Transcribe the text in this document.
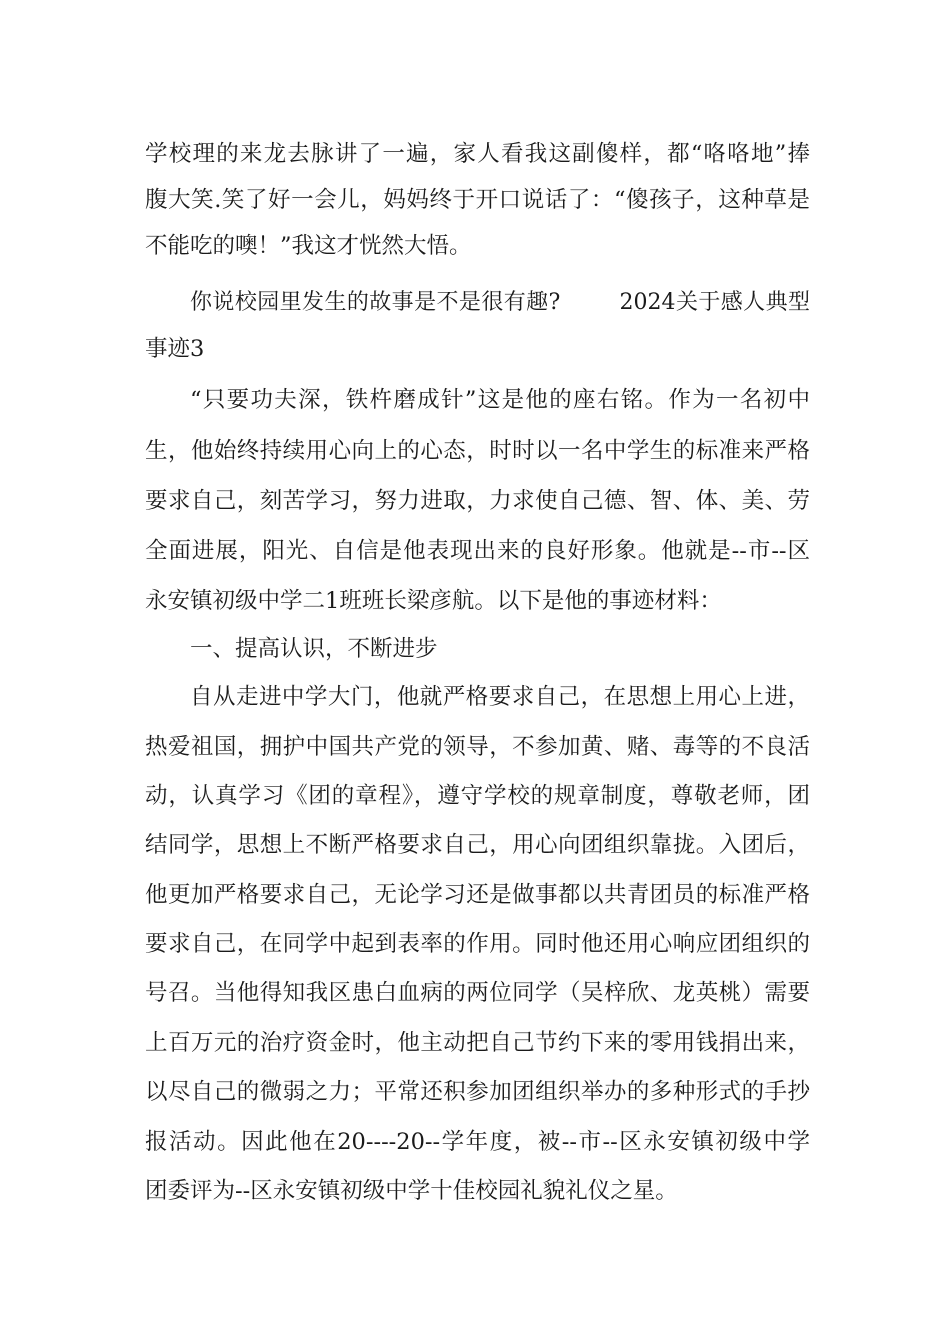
学校理的来龙去脉讲了一遍，家人看我这副傻样，都“咯咯地”捧
腹大笑.笑了好一会儿，妈妈终于开口说话了：“傻孩子，这种草是
不能吃的噢！”我这才恍然大悟。
你说校园里发生的故事是不是很有趣?        2024关于感人典型
事迹3
“只要功夫深，铁杵磨成针”这是他的座右铭。作为一名初中
生，他始终持续用心向上的心态，时时以一名中学生的标准来严格
要求自己，刻苦学习，努力进取，力求使自己德、智、体、美、劳
全面进展，阳光、自信是他表现出来的良好形象。他就是--市--区
永安镇初级中学二1班班长梁彦航。以下是他的事迹材料：
一、提高认识，不断进步
自从走进中学大门，他就严格要求自己，在思想上用心上进，
热爱祖国，拥护中国共产党的领导，不参加黄、赌、毒等的不良活
动，认真学习《团的章程》，遵守学校的规章制度，尊敬老师，团
结同学，思想上不断严格要求自己，用心向团组织靠拢。入团后，
他更加严格要求自己，无论学习还是做事都以共青团员的标准严格
要求自己，在同学中起到表率的作用。同时他还用心响应团组织的
号召。当他得知我区患白血病的两位同学（吴梓欣、龙英桃）需要
上百万元的治疗资金时，他主动把自己节约下来的零用钱捐出来，
以尽自己的微弱之力；平常还积参加团组织举办的多种形式的手抄
报活动。因此他在20----20--学年度，被--市--区永安镇初级中学
团委评为--区永安镇初级中学十佳校园礼貌礼仪之星。
